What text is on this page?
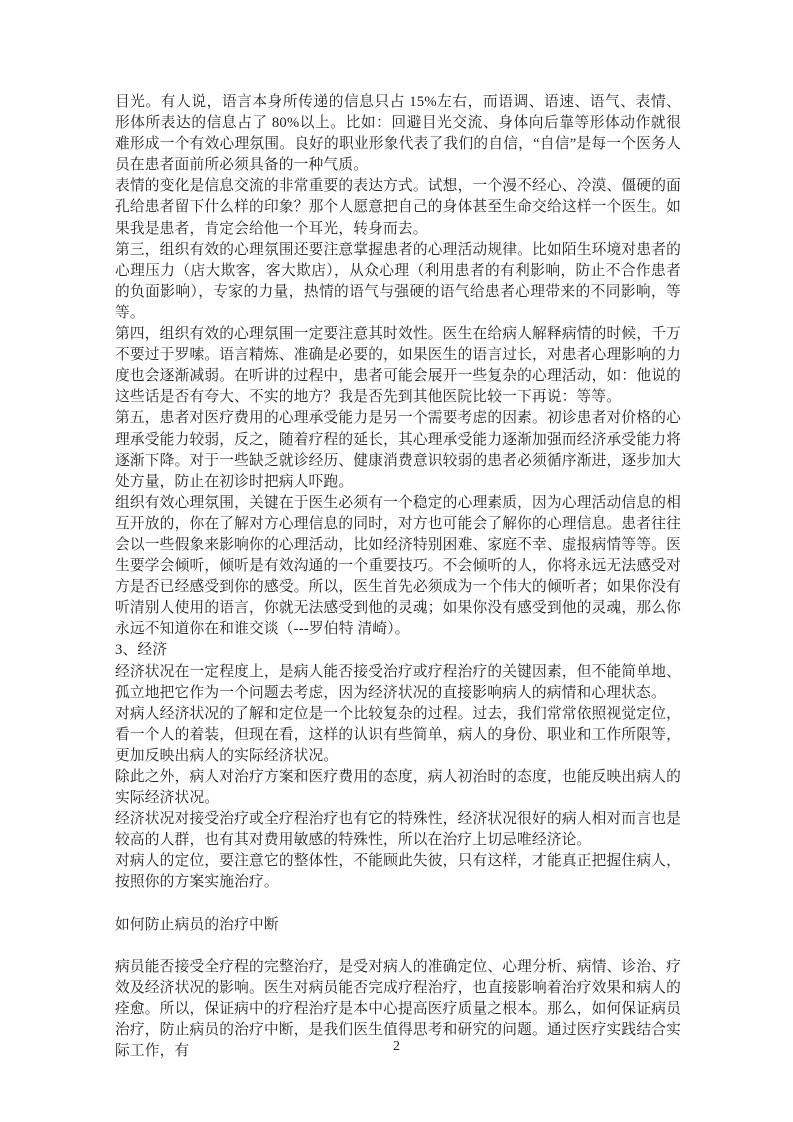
目光。有人说，语言本身所传递的信息只占 15%左右，而语调、语速、语气、表情、形体所表达的信息占了 80%以上。比如：回避目光交流、身体向后靠等形体动作就很难形成一个有效心理氛围。良好的职业形象代表了我们的自信，“自信”是每一个医务人员在患者面前所必须具备的一种气质。

表情的变化是信息交流的非常重要的表达方式。试想，一个漫不经心、冷漠、僵硬的面孔给患者留下什么样的印象？那个人愿意把自己的身体甚至生命交给这样一个医生。如果我是患者，肯定会给他一个耳光，转身而去。

第三，组织有效的心理氛围还要注意掌握患者的心理活动规律。比如陌生环境对患者的心理压力（店大欺客，客大欺店），从众心理（利用患者的有利影响，防止不合作患者的负面影响），专家的力量，热情的语气与强硬的语气给患者心理带来的不同影响，等等。

第四，组织有效的心理氛围一定要注意其时效性。医生在给病人解释病情的时候，千万不要过于罗嗦。语言精炼、准确是必要的，如果医生的语言过长，对患者心理影响的力度也会逐渐减弱。在听讲的过程中，患者可能会展开一些复杂的心理活动，如：他说的这些话是否有夸大、不实的地方？我是否先到其他医院比较一下再说：等等。

第五，患者对医疗费用的心理承受能力是另一个需要考虑的因素。初诊患者对价格的心理承受能力较弱，反之，随着疗程的延长，其心理承受能力逐渐加强而经济承受能力将逐渐下降。对于一些缺乏就诊经历、健康消费意识较弱的患者必须循序渐进，逐步加大处方量，防止在初诊时把病人吓跑。

组织有效心理氛围，关键在于医生必须有一个稳定的心理素质，因为心理活动信息的相互开放的，你在了解对方心理信息的同时，对方也可能会了解你的心理信息。患者往往会以一些假象来影响你的心理活动，比如经济特别困难、家庭不幸、虚报病情等等。医生要学会倾听，倾听是有效沟通的一个重要技巧。不会倾听的人，你将永远无法感受对方是否已经感受到你的感受。所以，医生首先必须成为一个伟大的倾听者；如果你没有听清别人使用的语言，你就无法感受到他的灵魂；如果你没有感受到他的灵魂，那么你永远不知道你在和谁交谈（---罗伯特 清崎）。

3、经济

经济状况在一定程度上，是病人能否接受治疗或疗程治疗的关键因素，但不能简单地、孤立地把它作为一个问题去考虑，因为经济状况的直接影响病人的病情和心理状态。

对病人经济状况的了解和定位是一个比较复杂的过程。过去，我们常常依照视觉定位，看一个人的着装，但现在看，这样的认识有些简单，病人的身份、职业和工作所限等，更加反映出病人的实际经济状况。

除此之外，病人对治疗方案和医疗费用的态度，病人初治时的态度，也能反映出病人的实际经济状况。

经济状况对接受治疗或全疗程治疗也有它的特殊性，经济状况很好的病人相对而言也是较高的人群，也有其对费用敏感的特殊性，所以在治疗上切忌唯经济论。

对病人的定位，要注意它的整体性，不能顾此失彼，只有这样，才能真正把握住病人，按照你的方案实施治疗。

如何防止病员的治疗中断

病员能否接受全疗程的完整治疗，是受对病人的准确定位、心理分析、病情、诊治、疗效及经济状况的影响。医生对病员能否完成疗程治疗，也直接影响着治疗效果和病人的痊愈。所以，保证病中的疗程治疗是本中心提高医疗质量之根本。那么，如何保证病员治疗，防止病员的治疗中断，是我们医生值得思考和研究的问题。通过医疗实践结合实际工作，有	2
